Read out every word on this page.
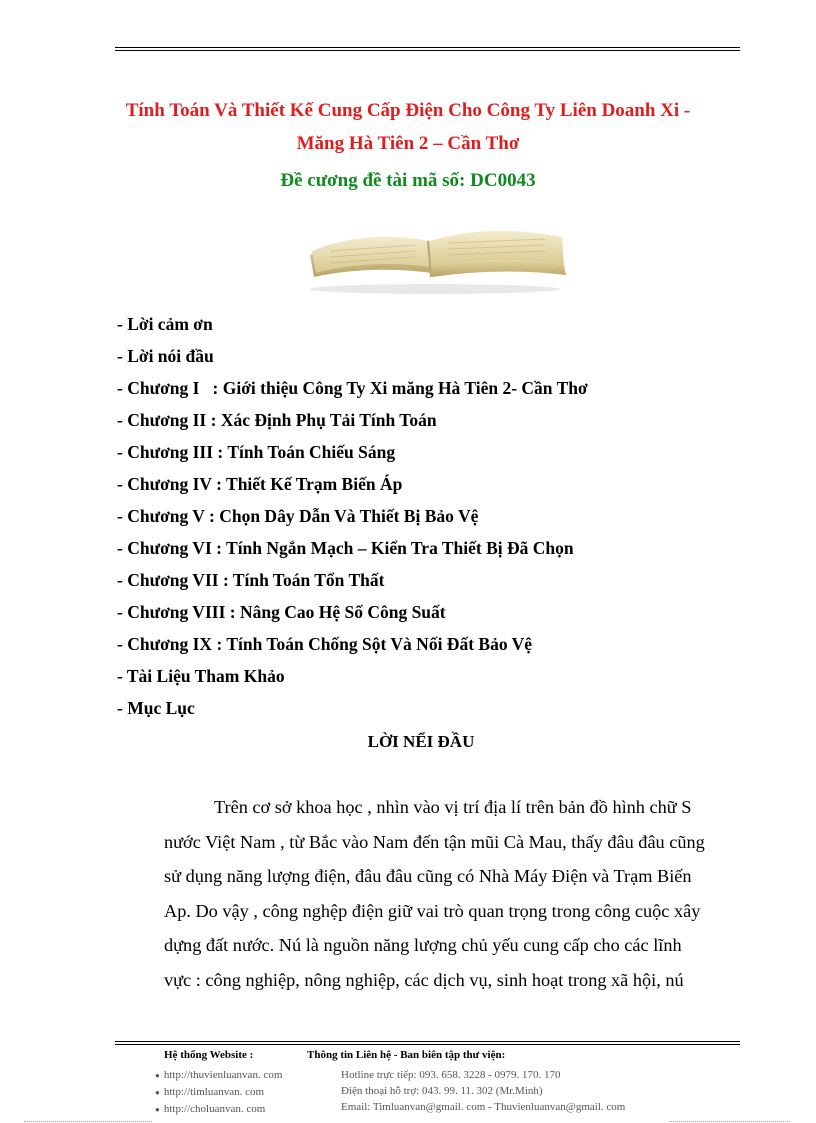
Tính Toán Và Thiết Kế Cung Cấp Điện Cho Công Ty Liên Doanh Xi -
Măng Hà Tiên 2 – Cần Thơ
Đề cương đề tài mã số: DC0043
- Lời cảm ơn
- Lời nói đầu
- Chương I   : Giới thiệu Công Ty Xi măng Hà Tiên 2- Cần Thơ
- Chương II : Xác Định Phụ Tải Tính Toán
- Chương III : Tính Toán Chiếu Sáng
- Chương IV : Thiết Kế Trạm Biến Áp
- Chương V : Chọn Dây Dẫn Và Thiết Bị Bảo Vệ
- Chương VI : Tính Ngắn Mạch – Kiển Tra Thiết Bị Đã Chọn
- Chương VII : Tính Toán Tổn Thất
- Chương VIII : Nâng Cao Hệ Số Công Suất
- Chương IX : Tính Toán Chống Sột Và Nối Đất Bảo Vệ
- Tài Liệu Tham Khảo
- Mục Lục
LỜI NỂI ĐẦU
Trên cơ sở khoa học , nhìn vào vị trí địa lí trên bản đồ hình chữ S
nước Việt Nam , từ Bắc vào Nam đến tận mũi Cà Mau, thấy đâu đâu cũng
sử dụng năng lượng điện, đâu đâu cũng có Nhà Máy Điện và Trạm Biến
Ap. Do vậy , công nghệp điện giữ vai trò quan trọng trong công cuộc xây
dựng đất nước. Nú là nguồn năng lượng chủ yếu cung cấp cho các lĩnh
vực : công nghiệp, nông nghiệp, các dịch vụ, sinh hoạt trong xã hội, nú
Hệ thống Website :	Thông tin Liên hệ - Ban biên tập thư viện:
● http://thuvienluanvan. com
● http://timluanvan. com
● http://choluanvan. com
Hotline trực tiếp: 093. 658. 3228 - 0979. 170. 170
Điện thoại hỗ trợ: 043. 99. 11. 302 (Mr.Minh)
Email: Timluanvan@gmail. com - Thuvienluanvan@gmail. com
